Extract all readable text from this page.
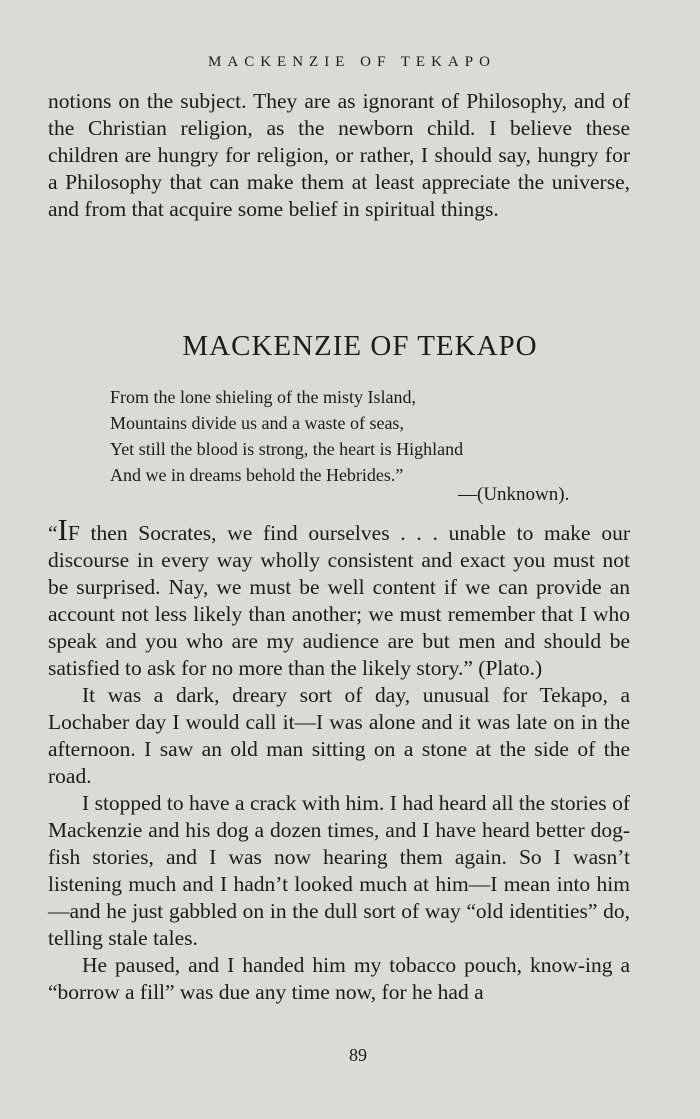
MACKENZIE OF TEKAPO

notions on the subject. They are as ignorant of Philosophy, and of the Christian religion, as the newborn child. I believe these children are hungry for religion, or rather, I should say, hungry for a Philosophy that can make them at least appreciate the universe, and from that acquire some belief in spiritual things.

MACKENZIE OF TEKAPO
From the lone shieling of the misty Island,
Mountains divide us and a waste of seas,
Yet still the blood is strong, the heart is Highland
And we in dreams behold the Hebrides.”
—(Unknown).

“IF then Socrates, we find ourselves . . . unable to make our discourse in every way wholly consistent and exact you must not be surprised. Nay, we must be well content if we can provide an account not less likely than another; we must remember that I who speak and you who are my audience are but men and should be satisfied to ask for no more than the likely story.” (Plato.)

It was a dark, dreary sort of day, unusual for Tekapo, a Lochaber day I would call it—I was alone and it was late on in the afternoon. I saw an old man sitting on a stone at the side of the road.

I stopped to have a crack with him. I had heard all the stories of Mackenzie and his dog a dozen times, and I have heard better dog-fish stories, and I was now hearing them again. So I wasn’t listening much and I hadn’t looked much at him—I mean into him—and he just gabbled on in the dull sort of way “old identities” do, telling stale tales.

He paused, and I handed him my tobacco pouch, know-ing a “borrow a fill” was due any time now, for he had a

89
